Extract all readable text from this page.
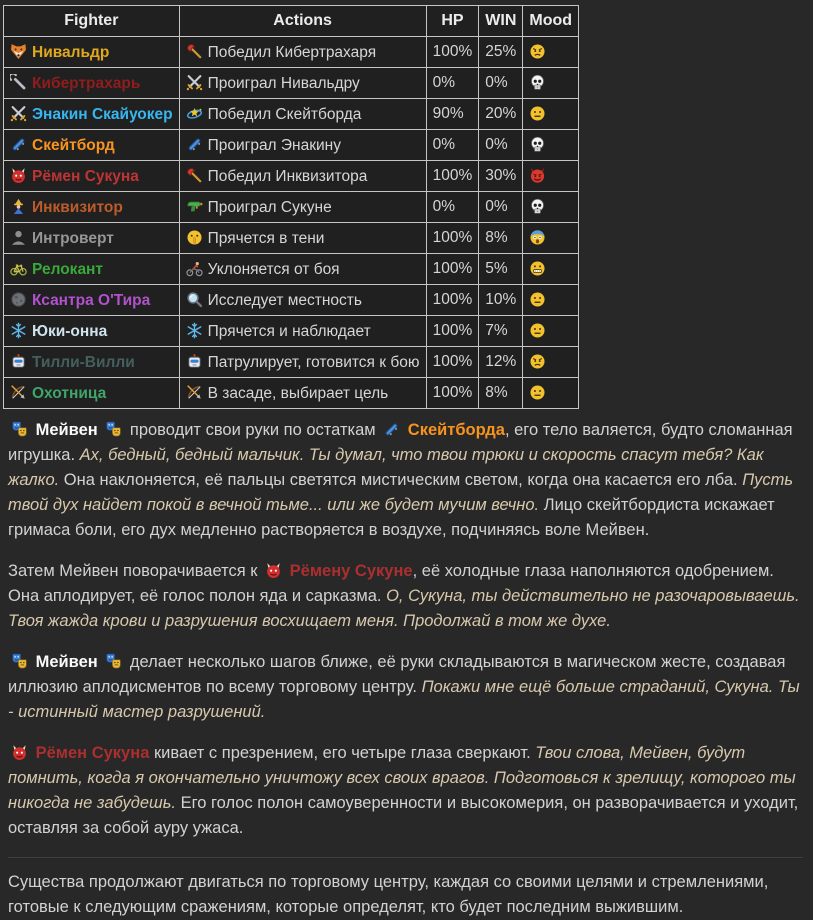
Fighter	Actions	HP	WIN	Mood
Нивальдр	Победил Кибертрахаря	100%	25%	
Кибертрахарь	Проиграл Нивальдру	0%	0%	
Энакин Скайуокер	Победил Скейтборда	90%	20%	
Скейтборд	Проиграл Энакину	0%	0%	
Рёмен Сукуна	Победил Инквизитора	100%	30%	
Инквизитор	Проиграл Сукуне	0%	0%	
Интроверт	Прячется в тени	100%	8%	
Релокант	Уклоняется от боя	100%	5%	
Ксантра О'Тира	Исследует местность	100%	10%	
Юки-онна	Прячется и наблюдает	100%	7%	
Тилли-Вилли	Патрулирует, готовится к бою	100%	12%	
Охотница	В засаде, выбирает цель	100%	8%	

Мейвен  проводит свои руки по остаткам  Скейтборда, его тело валяется, будто сломанная игрушка. Ах, бедный, бедный мальчик. Ты думал, что твои трюки и скорость спасут тебя? Как жалко. Она наклоняется, её пальцы светятся мистическим светом, когда она касается его лба. Пусть твой дух найдет покой в вечной тьме... или же будет мучим вечно. Лицо скейтбордиста искажает гримаса боли, его дух медленно растворяется в воздухе, подчиняясь воле Мейвен.

Затем Мейвен поворачивается к  Рёмену Сукуне, её холодные глаза наполняются одобрением. Она аплодирует, её голос полон яда и сарказма. О, Сукуна, ты действительно не разочаровываешь. Твоя жажда крови и разрушения восхищает меня. Продолжай в том же духе.

Мейвен  делает несколько шагов ближе, её руки складываются в магическом жесте, создавая иллюзию аплодисментов по всему торговому центру. Покажи мне ещё больше страданий, Сукуна. Ты - истинный мастер разрушений.

Рёмен Сукуна кивает с презрением, его четыре глаза сверкают. Твои слова, Мейвен, будут помнить, когда я окончательно уничтожу всех своих врагов. Подготовься к зрелищу, которого ты никогда не забудешь. Его голос полон самоуверенности и высокомерия, он разворачивается и уходит, оставляя за собой ауру ужаса.

Существа продолжают двигаться по торговому центру, каждая со своими целями и стремлениями, готовые к следующим сражениям, которые определят, кто будет последним выжившим.
